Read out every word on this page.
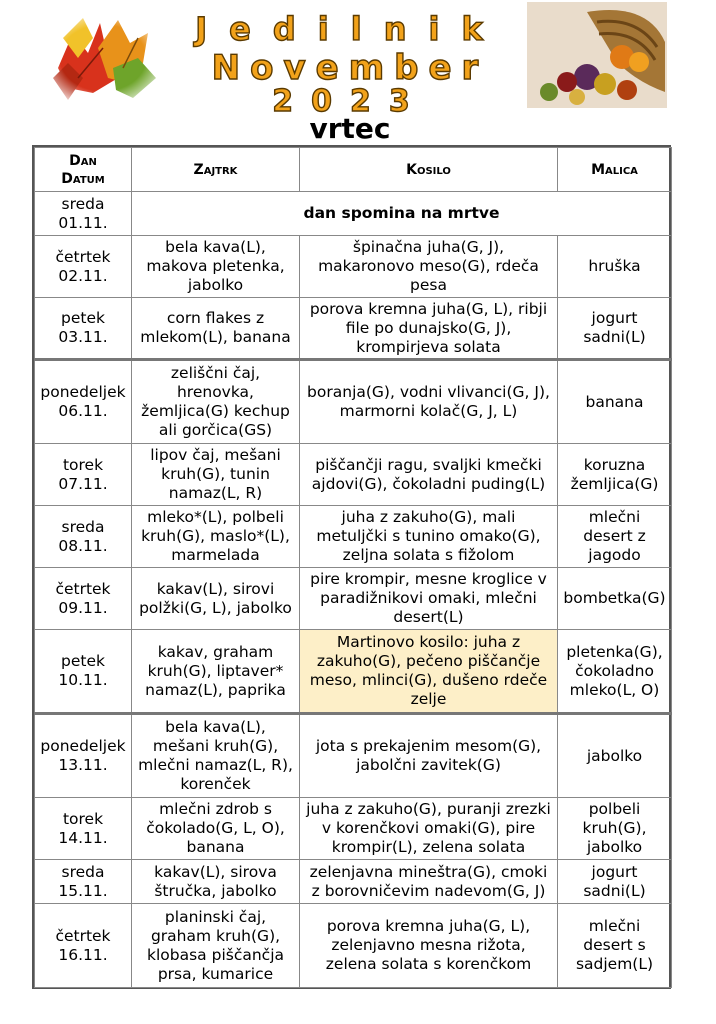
Jedilnik
November
2023
vrtec
Dan
Datum	Zajtrk	Kosilo	Malica
sreda
01.11.	dan spomina na mrtve		
četrtek
02.11.	bela kava(L), makova pletenka, jabolko	špinačna juha(G, J), makaronovo meso(G), rdeča pesa	hruška
petek
03.11.	corn flakes z mlekom(L), banana	porova kremna juha(G, L), ribji file po dunajsko(G, J), krompirjeva solata	jogurt sadni(L)
ponedeljek
06.11.	zeliščni čaj, hrenovka, žemljica(G) kechup ali gorčica(GS)	boranja(G), vodni vlivanci(G, J), marmorni kolač(G, J, L)	banana
torek
07.11.	lipov čaj, mešani kruh(G), tunin namaz(L, R)	piščančji ragu, svaljki kmečki ajdovi(G), čokoladni puding(L)	koruzna žemljica(G)
sreda
08.11.	mleko*(L), polbeli kruh(G), maslo*(L), marmelada	juha z zakuho(G), mali metuljčki s tunino omako(G), zeljna solata s fižolom	mlečni desert z jagodo
četrtek
09.11.	kakav(L), sirovi polžki(G, L), jabolko	pire krompir, mesne kroglice v paradižnikovi omaki, mlečni desert(L)	bombetka(G)
petek
10.11.	kakav, graham kruh(G), liptaver* namaz(L), paprika	Martinovo kosilo: juha z zakuho(G), pečeno piščančje meso, mlinci(G), dušeno rdeče zelje	pletenka(G), čokoladno mleko(L, O)
ponedeljek
13.11.	bela kava(L), mešani kruh(G), mlečni namaz(L, R), korenček	jota s prekajenim mesom(G), jabolčni zavitek(G)	jabolko
torek
14.11.	mlečni zdrob s čokolado(G, L, O), banana	juha z zakuho(G), puranji zrezki v korenčkovi omaki(G), pire krompir(L), zelena solata	polbeli kruh(G), jabolko
sreda
15.11.	kakav(L), sirova štručka, jabolko	zelenjavna mineštra(G), cmoki z borovničevim nadevom(G, J)	jogurt sadni(L)
četrtek
16.11.	planinski čaj, graham kruh(G), klobasa piščančja prsa, kumarice	porova kremna juha(G, L), zelenjavno mesna rižota, zelena solata s korenčkom	mlečni desert s sadjem(L)
